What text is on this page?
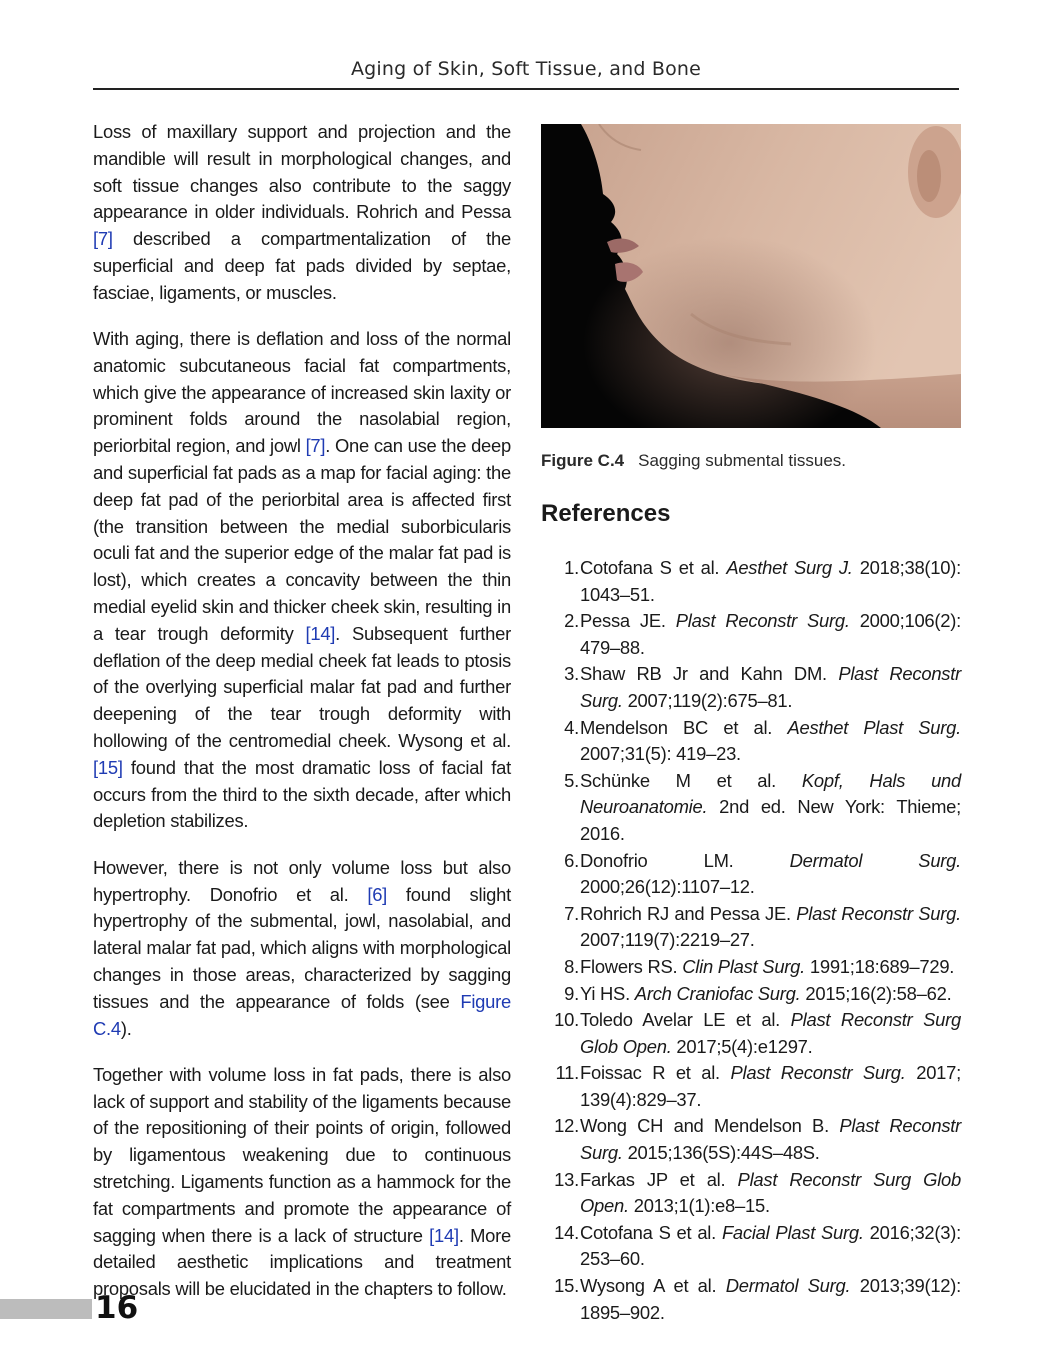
Aging of Skin, Soft Tissue, and Bone

Loss of maxillary support and projection and the mandible will result in morphological changes, and soft tissue changes also contribute to the saggy appearance in older individuals. Rohrich and Pessa [7] described a compartmentalization of the superficial and deep fat pads divided by septae, fasciae, ligaments, or muscles.

With aging, there is deflation and loss of the normal anatomic subcutaneous facial fat compartments, which give the appearance of increased skin laxity or prominent folds around the nasolabial region, periorbital region, and jowl [7]. One can use the deep and superficial fat pads as a map for facial aging: the deep fat pad of the periorbital area is affected first (the transition between the medial suborbicularis oculi fat and the superior edge of the malar fat pad is lost), which creates a concavity between the thin medial eyelid skin and thicker cheek skin, resulting in a tear trough deformity [14]. Subsequent further deflation of the deep medial cheek fat leads to ptosis of the overlying superficial malar fat pad and further deepening of the tear trough deformity with hollowing of the centromedial cheek. Wysong et al. [15] found that the most dramatic loss of facial fat occurs from the third to the sixth decade, after which depletion stabilizes.

However, there is not only volume loss but also hypertrophy. Donofrio et al. [6] found slight hypertrophy of the submental, jowl, nasolabial, and lateral malar fat pad, which aligns with morphological changes in those areas, characterized by sagging tissues and the appearance of folds (see Figure C.4).

Together with volume loss in fat pads, there is also lack of support and stability of the ligaments because of the repositioning of their points of origin, followed by ligamentous weakening due to continuous stretching. Ligaments function as a hammock for the fat compartments and promote the appearance of sagging when there is a lack of structure [14]. More detailed aesthetic implications and treatment proposals will be elucidated in the chapters to follow.

Figure C.4 Sagging submental tissues.
References
1. Cotofana S et al. Aesthet Surg J. 2018;38(10): 1043–51.
2. Pessa JE. Plast Reconstr Surg. 2000;106(2): 479–88.
3. Shaw RB Jr and Kahn DM. Plast Reconstr Surg. 2007;119(2):675–81.
4. Mendelson BC et al. Aesthet Plast Surg. 2007;31(5): 419–23.
5. Schünke M et al. Kopf, Hals und Neuroanatomie. 2nd ed. New York: Thieme; 2016.
6. Donofrio LM. Dermatol Surg. 2000;26(12):1107–12.
7. Rohrich RJ and Pessa JE. Plast Reconstr Surg. 2007;119(7):2219–27.
8. Flowers RS. Clin Plast Surg. 1991;18:689–729.
9. Yi HS. Arch Craniofac Surg. 2015;16(2):58–62.
10. Toledo Avelar LE et al. Plast Reconstr Surg Glob Open. 2017;5(4):e1297.
11. Foissac R et al. Plast Reconstr Surg. 2017; 139(4):829–37.
12. Wong CH and Mendelson B. Plast Reconstr Surg. 2015;136(5S):44S–48S.
13. Farkas JP et al. Plast Reconstr Surg Glob Open. 2013;1(1):e8–15.
14. Cotofana S et al. Facial Plast Surg. 2016;32(3): 253–60.
15. Wysong A et al. Dermatol Surg. 2013;39(12): 1895–902.
16
